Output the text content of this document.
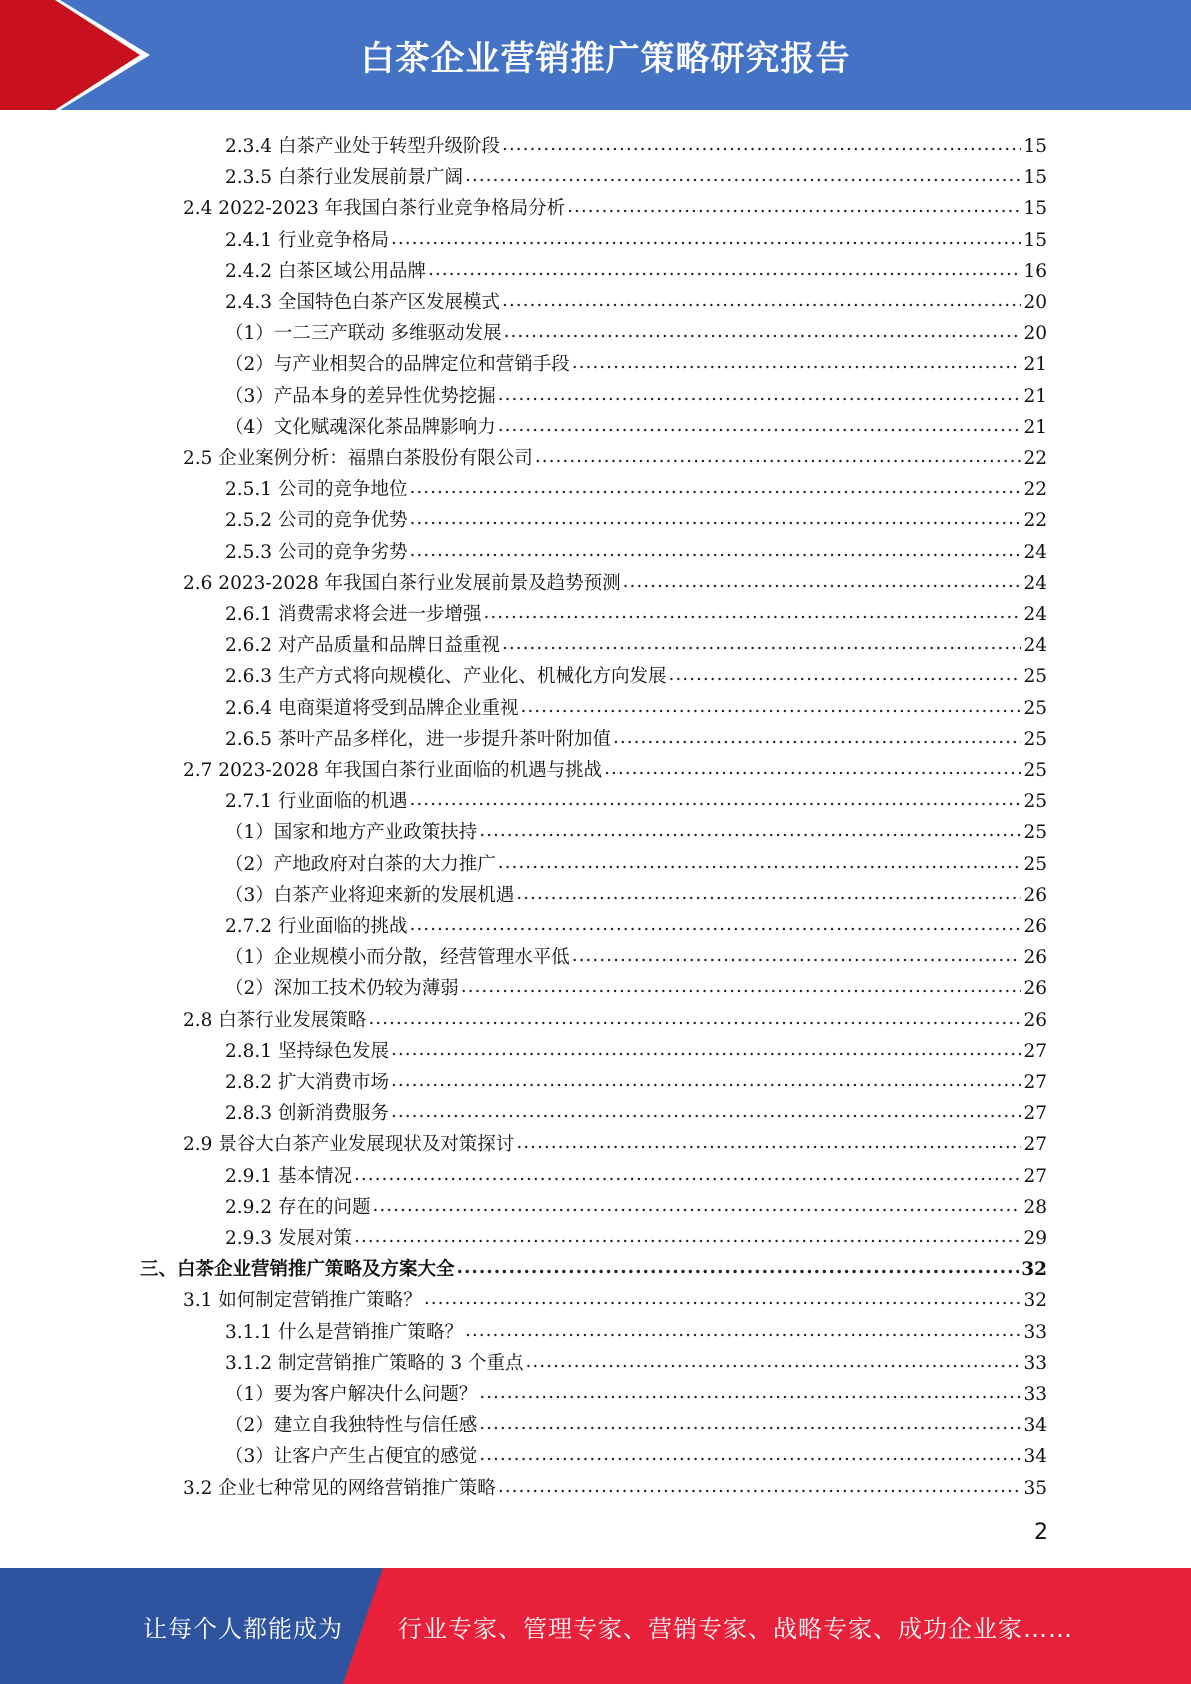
白茶企业营销推广策略研究报告
2.3.4 白茶产业处于转型升级阶段 .....	15
2.3.5 白茶行业发展前景广阔 .....	15
2.4 2022-2023 年我国白茶行业竞争格局分析 .....	15
2.4.1 行业竞争格局 .....	15
2.4.2 白茶区域公用品牌 .....	16
2.4.3 全国特色白茶产区发展模式 .....	20
（1）一二三产联动 多维驱动发展 .....	20
（2）与产业相契合的品牌定位和营销手段 .....	21
（3）产品本身的差异性优势挖掘 .....	21
（4）文化赋魂深化茶品牌影响力 .....	21
2.5 企业案例分析：福鼎白茶股份有限公司 .....	22
2.5.1 公司的竞争地位 .....	22
2.5.2 公司的竞争优势 .....	22
2.5.3 公司的竞争劣势 .....	24
2.6 2023-2028 年我国白茶行业发展前景及趋势预测 .....	24
2.6.1 消费需求将会进一步增强 .....	24
2.6.2 对产品质量和品牌日益重视 .....	24
2.6.3 生产方式将向规模化、产业化、机械化方向发展 .....	25
2.6.4 电商渠道将受到品牌企业重视 .....	25
2.6.5 茶叶产品多样化，进一步提升茶叶附加值 .....	25
2.7 2023-2028 年我国白茶行业面临的机遇与挑战 .....	25
2.7.1 行业面临的机遇 .....	25
（1）国家和地方产业政策扶持 .....	25
（2）产地政府对白茶的大力推广 .....	25
（3）白茶产业将迎来新的发展机遇 .....	26
2.7.2 行业面临的挑战 .....	26
（1）企业规模小而分散，经营管理水平低 .....	26
（2）深加工技术仍较为薄弱 .....	26
2.8 白茶行业发展策略 .....	26
2.8.1 坚持绿色发展 .....	27
2.8.2 扩大消费市场 .....	27
2.8.3 创新消费服务 .....	27
2.9 景谷大白茶产业发展现状及对策探讨 .....	27
2.9.1 基本情况 .....	27
2.9.2 存在的问题 .....	28
2.9.3 发展对策 .....	29
三、白茶企业营销推广策略及方案大全 .....	32
3.1 如何制定营销推广策略？ .....	32
3.1.1 什么是营销推广策略？ .....	33
3.1.2 制定营销推广策略的 3 个重点 .....	33
（1）要为客户解决什么问题？ .....	33
（2）建立自我独特性与信任感 .....	34
（3）让客户产生占便宜的感觉 .....	34
3.2 企业七种常见的网络营销推广策略 .....	35
2
让每个人都能成为 行业专家、管理专家、营销专家、战略专家、成功企业家……
